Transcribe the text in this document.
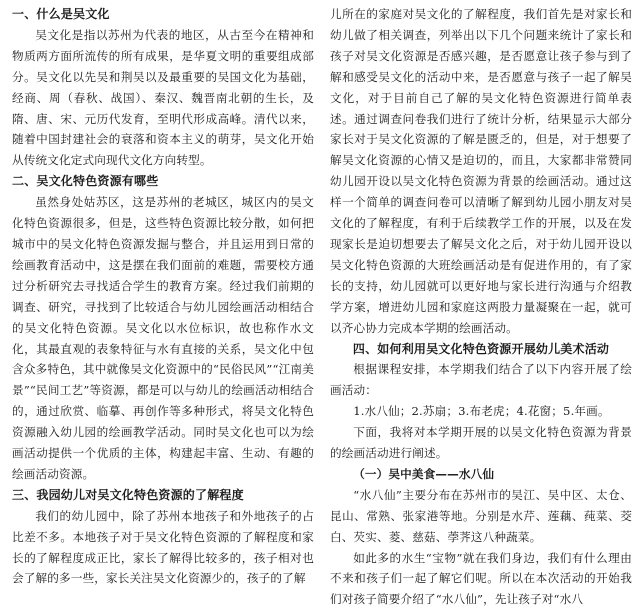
一、什么是吴文化

吴文化是指以苏州为代表的地区，从古至今在精神和物质两方面所流传的所有成果，是华夏文明的重要组成部分。吴文化以先吴和荆吴以及最重要的吴国文化为基础，经商、周（春秋、战国）、秦汉、魏晋南北朝的生长，及隋、唐、宋、元历代发育，至明代形成高峰。清代以来，随着中国封建社会的衰落和资本主义的萌芽，吴文化开始从传统文化定式向现代文化方向转型。

二、吴文化特色资源有哪些

虽然身处姑苏区，这是苏州的老城区，城区内的吴文化特色资源很多，但是，这些特色资源比较分散，如何把城市中的吴文化特色资源发掘与整合，并且运用到日常的绘画教育活动中，这是摆在我们面前的难题，需要校方通过分析研究去寻找适合学生的教育方案。经过我们前期的调查、研究，寻找到了比较适合与幼儿园绘画活动相结合的吴文化特色资源。吴文化以水位标识，故也称作水文化，其最直观的表象特征与水有直接的关系，吴文化中包含众多特色，其中就像吴文化资源中的“民俗民风”“江南美景”“民间工艺”等资源，都是可以与幼儿的绘画活动相结合的，通过欣赏、临摹、再创作等多种形式，将吴文化特色资源融入幼儿园的绘画教学活动。同时吴文化也可以为绘画活动提供一个优质的主体，构建起丰富、生动、有趣的绘画活动资源。

三、我园幼儿对吴文化特色资源的了解程度

我们的幼儿园中，除了苏州本地孩子和外地孩子的占比差不多。本地孩子对于吴文化特色资源的了解程度和家长的了解程度成正比，家长了解得比较多的，孩子相对也会了解的多一些，家长关注吴文化资源少的，孩子的了解

儿所在的家庭对吴文化的了解程度，我们首先是对家长和幼儿做了相关调查，列举出以下几个问题来统计了家长和孩子对吴文化资源是否感兴趣，是否愿意让孩子参与到了解和感受吴文化的活动中来，是否愿意与孩子一起了解吴文化，对于目前自己了解的吴文化特色资源进行简单表述。通过调查问卷我们进行了统计分析，结果显示大部分家长对于吴文化资源的了解是匮乏的，但是，对于想要了解吴文化资源的心情又是迫切的，而且，大家都非常赞同幼儿园开设以吴文化特色资源为背景的绘画活动。通过这样一个简单的调查问卷可以清晰了解到幼儿园小朋友对吴文化的了解程度，有利于后续教学工作的开展，以及在发现家长是迫切想要去了解吴文化之后，对于幼儿园开设以吴文化特色资源的大班绘画活动是有促进作用的，有了家长的支持，幼儿园就可以更好地与家长进行沟通与介绍教学方案，增进幼儿园和家庭这两股力量凝聚在一起，就可以齐心协力完成本学期的绘画活动。

四、如何利用吴文化特色资源开展幼儿美术活动

根据课程安排，本学期我们结合了以下内容开展了绘画活动：

1.水八仙；2.苏扇；3.布老虎；4.花窗；5.年画。

下面，我将对本学期开展的以吴文化特色资源为背景的绘画活动进行阐述。

（一）吴中美食——水八仙

“水八仙”主要分布在苏州市的吴江、吴中区、太仓、昆山、常熟、张家港等地。分别是水芹、莲藕、莼菜、茭白、芡实、菱、慈菇、荸荠这八种蔬菜。

如此多的水生“宝物”就在我们身边，我们有什么理由不来和孩子们一起了解它们呢。所以在本次活动的开始我们对孩子简要介绍了“水八仙”，先让孩子对“水八
